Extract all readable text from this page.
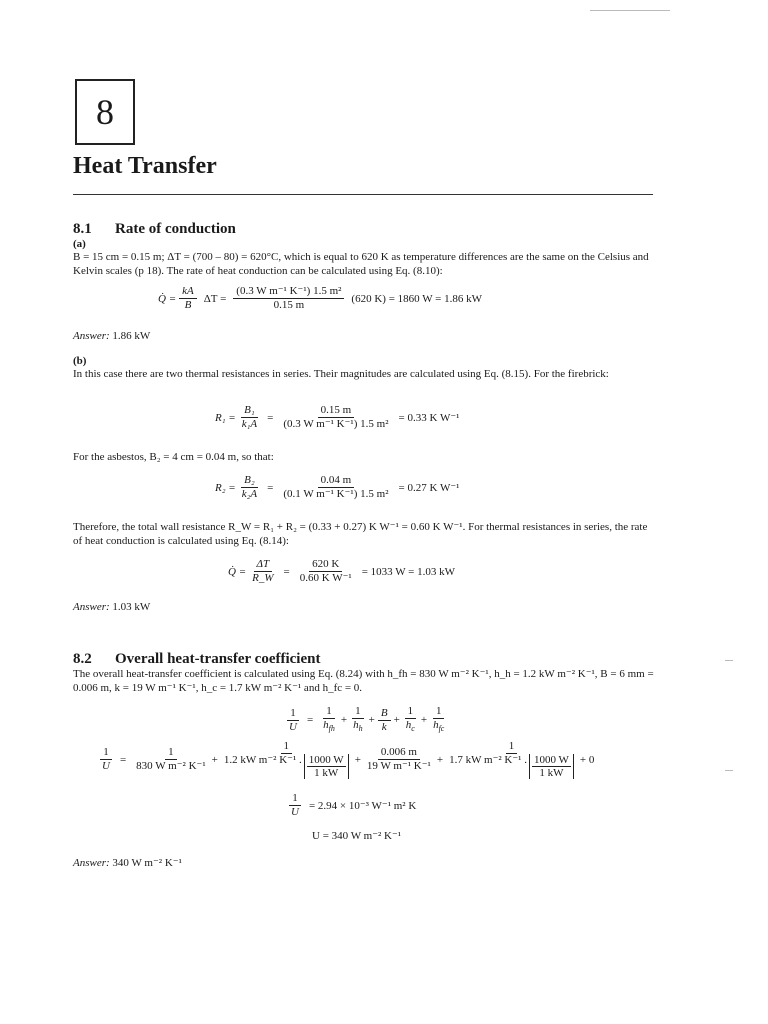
8
Heat Transfer
8.1 Rate of conduction
(a)
B = 15 cm = 0.15 m; ΔT = (700 – 80) = 620°C, which is equal to 620 K as temperature differences are the same on the Celsius and Kelvin scales (p 18). The rate of heat conduction can be calculated using Eq. (8.10):
Q̇ = $\frac{kA}{B}$ $\Delta T = \frac{\text{(0.3 W m⁻¹ K⁻¹) 1.5 m²}}{0.15 m} (620$ K) = 1860 W = 1.86 kW
Answer: 1.86 kW
(b)
In this case there are two thermal resistances in series. Their magnitudes are calculated using Eq. (8.15). For the firebrick:
$R_1 = \frac{\text{B₁}}{\text{k₁A}} = \frac{0.15 m}{\text{(0.3 W m⁻¹ K⁻¹) 1.5 m²}} = 0.33$ K W⁻¹
For the asbestos, B₂ = 4 cm = 0.04 m, so that:
$R_2 = \frac{\text{B₂}}{\text{k₂A}} = \frac{0.04 m}{\text{(0.1 W m⁻¹ K⁻¹) 1.5 m²}} = 0.27$ K W⁻¹
Therefore, the total wall resistance R_W = R₁ + R₂ = (0.33 + 0.27) K W⁻¹ = 0.60 K W⁻¹. For thermal resistances in series, the rate of heat conduction is calculated using Eq. (8.14):
Q̇ = $\frac{\Delta T}{R\_W} = \frac{620 K}{\text{0.60 K W⁻¹}} = 1033$ W = 1.03 kW
Answer: 1.03 kW
8.2 Overall heat-transfer coefficient
The overall heat-transfer coefficient is calculated using Eq. (8.24) with h_fh = 830 W m⁻² K⁻¹, h_h = 1.2 kW m⁻² K⁻¹, B = 6 mm = 0.006 m, k = 19 W m⁻¹ K⁻¹, h_c = 1.7 kW m⁻² K⁻¹ and h_fc = 0.
$\frac{1}{U} = \frac{1}{h_{fh}} + \frac{1}{h_h} + \frac{B}{k} + \frac{1}{h_c} + \frac{1}{h_{fc}}$
$\frac{1}{U} = \frac{1}{\text{830 W m⁻² K⁻¹}} + \frac{1}{1.2 kW m^{-2} K^{-1} . \frac{1000 W}{1 kW}} + \frac{0.006 m}{\text{19 W m⁻¹ K⁻¹}} + \frac{1}{1.7 kW m^{-2} K^{-1} . \frac{1000 W}{1 kW}} + 0$
$\frac{1}{U} = 2.94 \times 10^{-3}$ W⁻¹ m² K
U = 340 W m⁻² K⁻¹
Answer: 340 W m⁻² K⁻¹
